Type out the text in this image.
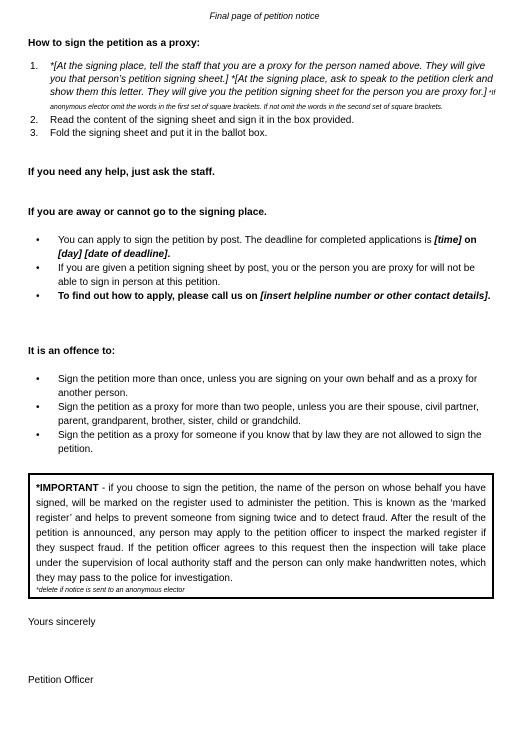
Final page of petition notice
How to sign the petition as a proxy:
1. *[At the signing place, tell the staff that you are a proxy for the person named above. They will give you that person’s petition signing sheet.] *[At the signing place, ask to speak to the petition clerk and show them this letter. They will give you the petition signing sheet for the person you are proxy for.] *If anonymous elector omit the words in the first set of square brackets. If not omit the words in the second set of square brackets.
2. Read the content of the signing sheet and sign it in the box provided.
3. Fold the signing sheet and put it in the ballot box.
If you need any help, just ask the staff.
If you are away or cannot go to the signing place.
• You can apply to sign the petition by post. The deadline for completed applications is [time] on [day] [date of deadline].
• If you are given a petition signing sheet by post, you or the person you are proxy for will not be able to sign in person at this petition.
• To find out how to apply, please call us on [insert helpline number or other contact details].
It is an offence to:
• Sign the petition more than once, unless you are signing on your own behalf and as a proxy for another person.
• Sign the petition as a proxy for more than two people, unless you are their spouse, civil partner, parent, grandparent, brother, sister, child or grandchild.
• Sign the petition as a proxy for someone if you know that by law they are not allowed to sign the petition.

*IMPORTANT - if you choose to sign the petition, the name of the person on whose behalf you have signed, will be marked on the register used to administer the petition. This is known as the ‘marked register’ and helps to prevent someone from signing twice and to detect fraud. After the result of the petition is announced, any person may apply to the petition officer to inspect the marked register if they suspect fraud. If the petition officer agrees to this request then the inspection will take place under the supervision of local authority staff and the person can only make handwritten notes, which they may pass to the police for investigation.

*delete if notice is sent to an anonymous elector

Yours sincerely
Petition Officer
